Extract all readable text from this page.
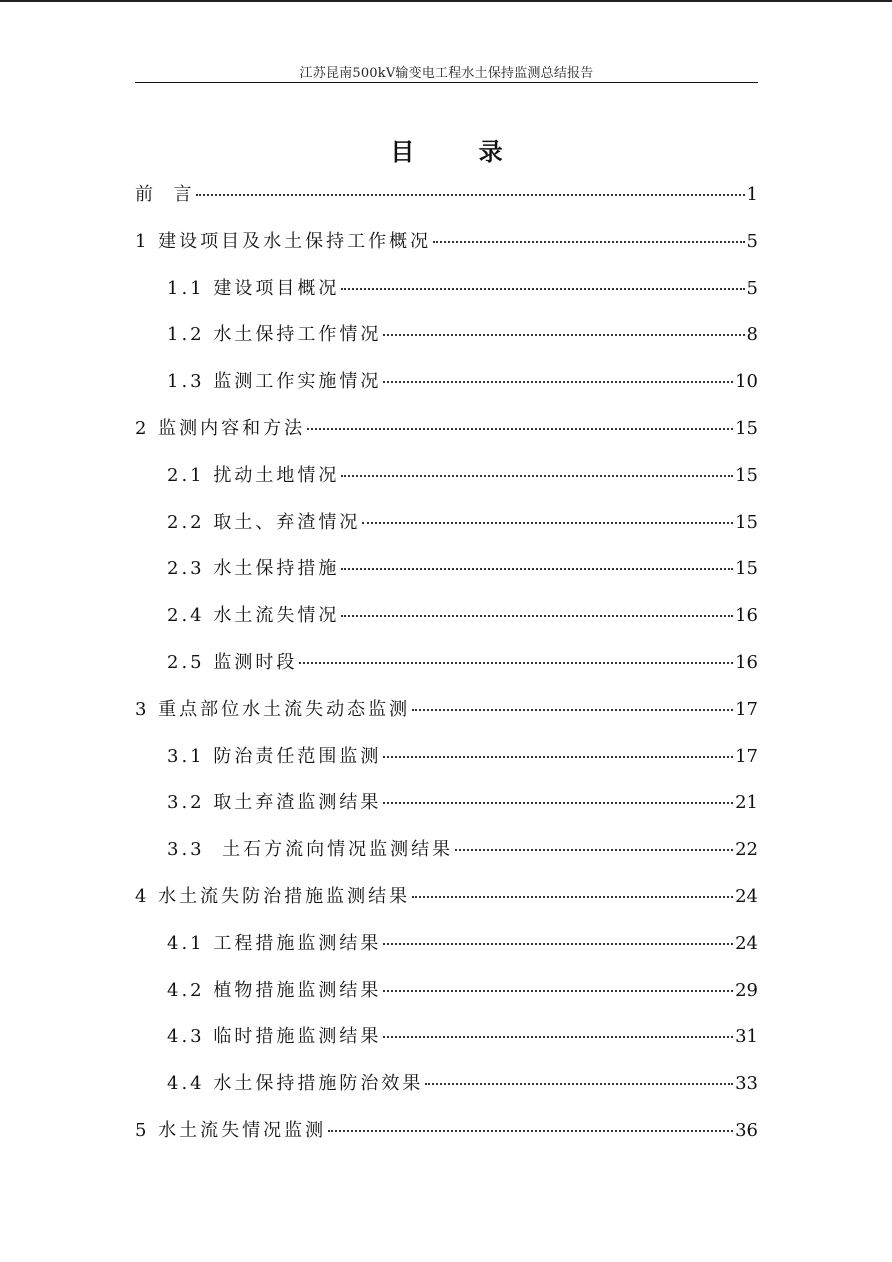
江苏昆南500kV输变电工程水土保持监测总结报告
目 录
前  言	1
1 建设项目及水土保持工作概况	5
1.1 建设项目概况	5
1.2 水土保持工作情况	8
1.3 监测工作实施情况	10
2 监测内容和方法	15
2.1 扰动土地情况	15
2.2 取土、弃渣情况	15
2.3 水土保持措施	15
2.4 水土流失情况	16
2.5 监测时段	16
3 重点部位水土流失动态监测	17
3.1 防治责任范围监测	17
3.2 取土弃渣监测结果	21
3.3  土石方流向情况监测结果	22
4 水土流失防治措施监测结果	24
4.1 工程措施监测结果	24
4.2 植物措施监测结果	29
4.3 临时措施监测结果	31
4.4 水土保持措施防治效果	33
5 水土流失情况监测	36
